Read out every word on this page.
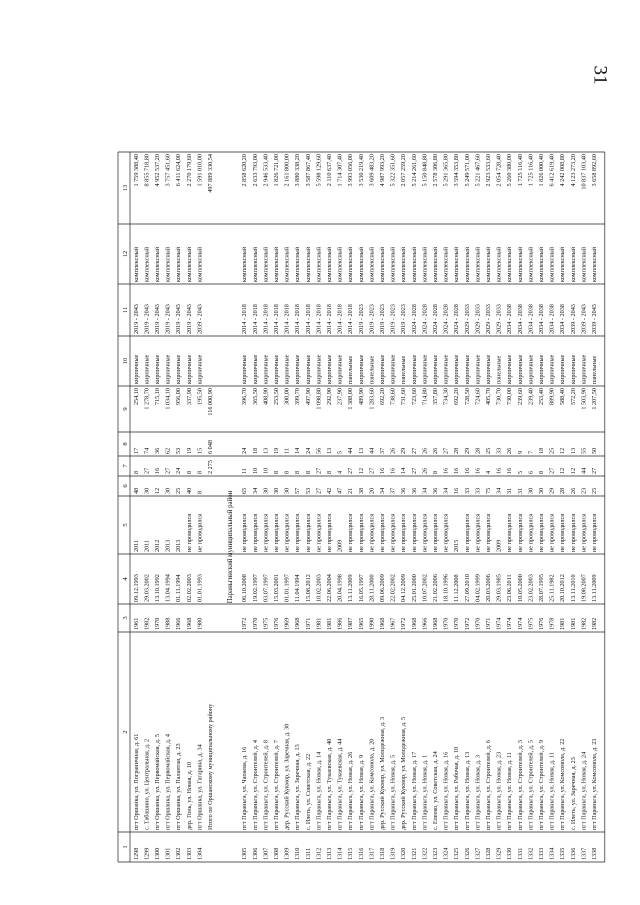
31
1
2
3
4
5
6
7
8
9
10
11
12
13
1298
пгт Оршанка, ул. Пограничная, д. 61
1961
09.12.1993
2011
48
8
17
254,10
кирпичные
2019 - 2043
комплексный
1 759 388,40
1299
с. Табашино, ул. Центральная, д. 2
1982
29.03.2002
2011
30
27
74
1 278,70
кирпичные
2019 - 2043
комплексный
8 855 718,80
1300
пгт Оршанка, ул. Первомайская, д. 5
1970
13.10.1992
2012
12
16
36
715,10
кирпичные
2019 - 2043
комплексный
4 952 537,20
1301
пгт Оршанка, ул. Первомайская, д. 4
1988
13.04.1994
2013
30
27
62
1 034,10
кирпичные
2019 - 2043
комплексный
3 757 451,60
1302
пгт Оршанка, ул. Палантая, д. 23
1966
01.11.1994
2013
25
24
53
956,00
кирпичные
2019 - 2043
комплексный
6 411 624,00
1303
дер. Гонь, ул. Новая, д. 10
1968
02.02.2003
не проводился
40
8
19
337,90
кирпичные
2019 - 2043
комплексный
2 270 179,60
1304
пгт Оршанка, ул. Гагарина, д. 34
1980
01.01.1993
не проводился
8
8
15
195,50
кирпичные
2039 - 2043
комплексный
1 591 010,00
Итого по Оршанскому муниципальному району
2 275
6 048
116 000,90
497 889 330,54
Параньгинский муниципальный район
1305
пгт Параньга, ул. Чапаева, д. 16
1972
06.10.2008
не проводился
65
11
24
396,70
кирпичные
2014 - 2018
комплексный
2 858 620,20
1306
пгт Параньга, ул. Строителей, д. 4
1970
19.02.1997
не проводился
34
10
18
365,50
кирпичные
2014 - 2018
комплексный
2 633 793,00
1307
пгт Параньга, ул. Строителей, д. 8
1975
03.07.1997
не проводился
30
10
13
408,90
кирпичные
2014 - 2018
комплексный
2 946 533,40
1308
пгт Параньга, ул. Строителей, д. 7
1976
15.03.2001
не проводился
30
8
19
253,50
кирпичные
2014 - 2018
комплексный
1 826 721,00
1309
дер. Русский Кукмор, ул. Заречная, д. 30
1969
01.01.1997
не проводился
30
8
11
300,00
кирпичные
2014 - 2018
комплексный
2 161 800,00
1310
пгт Параньга, ул. Заречная, д. 13
1968
11.04.1994
не проводился
57
8
14
399,70
кирпичные
2014 - 2018
комплексный
3 880 338,20
1311
с. Илеть, ул. Советская, д. 22
1971
15.08.2012
не проводился
53
8
24
497,90
кирпичные
2014 - 2018
комплексный
3 587 867,40
1312
пгт Параньга, ул. Новая, д. 14
1981
10.02.2003
не проводился
27
27
56
1 098,80
кирпичные
2014 - 2018
комплексный
5 598 129,60
1313
пгт Параньга, ул. Тукаевская, д. 40
1981
22.06.2004
не проводился
42
8
13
292,90
кирпичные
2014 - 2018
комплексный
2 110 637,40
1314
пгт Параньга, ул. Тукаевская, д. 44
1986
20.04.1998
2009
47
4
5
237,90
кирпичные
2014 - 2018
комплексный
1 714 307,40
1315
пгт Параньга, ул. Новая, д. 26
1987
13.11.2009
не проводился
21
27
44
1 388,00
панельные
2014 - 2018
комплексный
3 993 056,00
1316
пгт Параньга, ул. Новая, д. 9
1965
16.05.1997
не проводился
38
12
13
489,90
кирпичные
2019 - 2023
комплексный
3 530 219,40
1317
пгт Параньга, ул. Комсомола, д. 20
1990
28.11.2000
не проводился
20
27
44
1 283,60
панельные
2019 - 2023
комплексный
3 609 483,20
1318
дер. Русский Кукмор, ул. Молодежная, д. 3
1968
09.06.2009
не проводился
34
16
37
692,20
кирпичные
2019 - 2023
комплексный
4 987 993,20
1319
пгт Параньга, ул. Новая, д. 5
1967
22.02.2002
не проводился
37
16
26
738,60
кирпичные
2019 - 2023
комплексный
5 322 351,60
1320
дер. Русский Кукмор, ул. Молодежная, д. 5
1972
04.12.2009
не проводился
36
14
29
731,60
панельные
2019 - 2023
комплексный
2 057 259,20
1321
пгт Параньга, ул. Новая, д. 17
1968
25.01.2000
не проводился
36
27
27
723,60
кирпичные
2024 - 2028
комплексный
5 214 261,60
1322
пгт Параньга, ул. Новая, д. 1
1966
10.07.2002
не проводился
34
26
26
714,80
кирпичные
2024 - 2028
комплексный
5 150 848,80
1323
с. Елеево, ул. Советская, д. 24
1968
21.02.2006
не проводился
36
8
26
357,80
кирпичные
2024 - 2028
комплексный
2 578 306,80
1324
пгт Параньга, ул. Новая, д. 16
1970
18.10.1996
не проводился
34
16
27
734,30
кирпичные
2024 - 2028
комплексный
5 291 365,80
1325
пгт Параньга, ул. Рабочая, д. 10
1970
11.12.2008
2015
16
16
28
692,20
кирпичные
2024 - 2028
комплексный
3 594 353,80
1326
пгт Параньга, ул. Новая, д. 13
1972
27.09.2010
не проводился
33
16
29
728,50
кирпичные
2029 - 2033
комплексный
5 249 571,00
1327
пгт Параньга, ул. Новая, д. 3
1970
04.02.1999
не проводился
33
16
28
724,60
кирпичные
2029 - 2033
комплексный
5 221 467,60
1328
пгт Параньга, ул. Строителей, д. 6
1971
20.03.2006
не проводился
75
4
25
405,70
кирпичные
2029 - 2033
комплексный
2 923 533,60
1329
пгт Параньга, ул. Новая, д. 23
1974
29.03.1985
2009
34
16
33
730,70
панельные
2029 - 2033
комплексный
2 054 728,40
1330
пгт Параньга, ул. Новая, д. 11
1974
23.06.2011
не проводился
31
16
26
730,00
кирпичные
2034 - 2038
комплексный
5 260 380,00
1331
пгт Параньга, ул. Строителей, д. 3
1974
10.05.2000
не проводился
31
5
9
239,60
кирпичные
2034 - 2038
комплексный
1 725 116,40
1332
пгт Параньга, ул. Строителей, д. 5
1975
23.02.2003
не проводился
30
6
7
239,40
кирпичные
2034 - 2038
комплексный
1 725 116,40
1333
пгт Параньга, ул. Строителей, д. 9
1976
28.07.1995
не проводился
30
8
18
253,40
кирпичные
2034 - 2038
комплексный
1 826 000,40
1334
пгт Параньга, ул. Новая, д. 11
1978
25.11.1982
не проводился
29
27
25
889,90
кирпичные
2034 - 2038
комплексный
6 412 619,40
1335
пгт Параньга, ул. Комсомола, д. 22
1981
20.10.2012
не проводился
28
12
12
588,40
кирпичные
2034 - 2038
комплексный
4 242 008,80
1336
с. Илеть, ул. Заречная, д. 23
1981
13.11.2010
не проводился
26
12
13
572,20
кирпичные
2039 - 2043
комплексный
4 123 273,20
1337
пгт Параньга, ул. Новая, д. 24
1982
19.08.2007
не проводился
23
44
55
1 503,90
кирпичные
2039 - 2043
комплексный
10 837 103,40
1338
пгт Параньга, ул. Комсомола, д. 23
1982
13.11.2009
не проводился
25
27
50
1 207,50
панельные
2039 - 2043
комплексный
3 658 892,60
